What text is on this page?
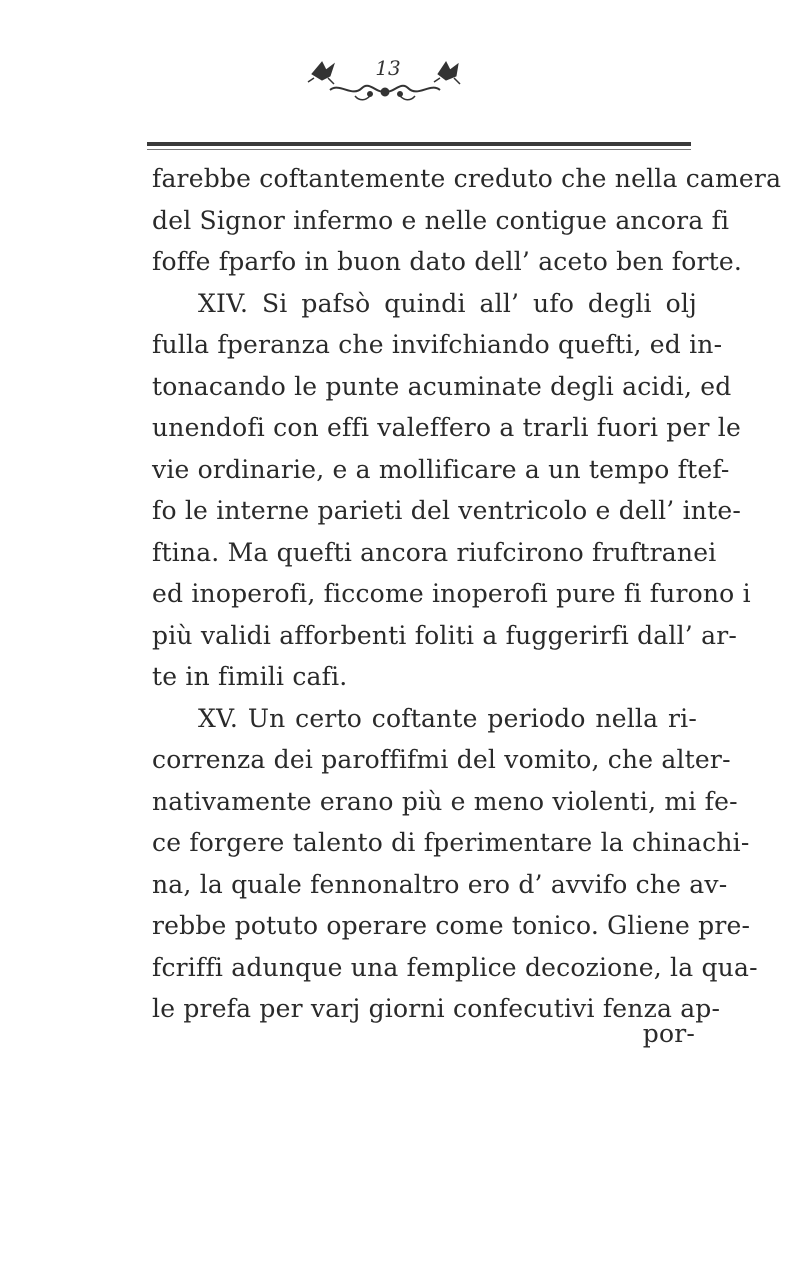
13
farebbe coftantemente creduto che nella camera
del Signor infermo e nelle contigue ancora fi
foffe fparfo in buon dato dell’ aceto ben forte.
XIV. Si pafsò quindi all’ ufo degli olj
fulla fperanza che invifchiando quefti, ed in-
tonacando le punte acuminate degli acidi, ed
unendofi con effi valeffero a trarli fuori per le
vie ordinarie, e a mollificare a un tempo ftef-
fo le interne parieti del ventricolo e dell’ inte-
ftina. Ma quefti ancora riufcirono fruftranei
ed inoperofi, ficcome inoperofi pure fi furono i
più validi afforbenti foliti a fuggerirfi dall’ ar-
te in fimili cafi.
XV. Un certo coftante periodo nella ri-
correnza dei paroffifmi del vomito, che alter-
nativamente erano più e meno violenti, mi fe-
ce forgere talento di fperimentare la chinachi-
na, la quale fennonaltro ero d’ avvifo che av-
rebbe potuto operare come tonico. Gliene pre-
fcriffi adunque una femplice decozione, la qua-
le prefa per varj giorni confecutivi fenza ap-
por-
